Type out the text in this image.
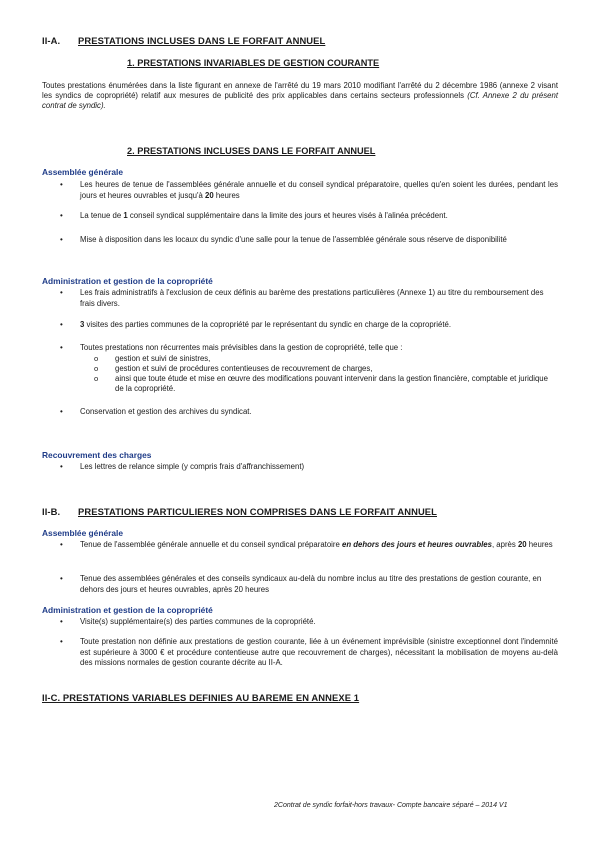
II-A. PRESTATIONS INCLUSES DANS LE FORFAIT ANNUEL
1. PRESTATIONS INVARIABLES DE GESTION COURANTE
Toutes prestations énumérées dans la liste figurant en annexe de l'arrêté du 19 mars 2010 modifiant l'arrêté du 2 décembre 1986 (annexe 2 visant les syndics de copropriété) relatif aux mesures de publicité des prix applicables dans certains secteurs professionnels (Cf. Annexe 2 du présent contrat de syndic).
2. PRESTATIONS INCLUSES DANS LE FORFAIT ANNUEL
Assemblée générale
• Les heures de tenue de l'assemblées générale annuelle et du conseil syndical préparatoire, quelles qu'en soient les durées, pendant les jours et heures ouvrables et jusqu'à 20 heures
• La tenue de 1 conseil syndical supplémentaire dans la limite des jours et heures visés à l'alinéa précédent.
• Mise à disposition dans les locaux du syndic d'une salle pour la tenue de l'assemblée générale sous réserve de disponibilité
Administration et gestion de la copropriété
• Les frais administratifs à l'exclusion de ceux définis au barème des prestations particulières (Annexe 1) au titre du remboursement des frais divers.
• 3 visites des parties communes de la copropriété par le représentant du syndic en charge de la copropriété.
• Toutes prestations non récurrentes mais prévisibles dans la gestion de copropriété, telle que :
o gestion et suivi de sinistres,
o gestion et suivi de procédures contentieuses de recouvrement de charges,
o ainsi que toute étude et mise en œuvre des modifications pouvant intervenir dans la gestion financière, comptable et juridique de la copropriété.
• Conservation et gestion des archives du syndicat.
Recouvrement des charges
• Les lettres de relance simple (y compris frais d'affranchissement)
II-B. PRESTATIONS PARTICULIERES NON COMPRISES DANS LE FORFAIT ANNUEL
Assemblée générale
• Tenue de l'assemblée générale annuelle et du conseil syndical préparatoire en dehors des jours et heures ouvrables, après 20 heures
• Tenue des assemblées générales et des conseils syndicaux au-delà du nombre inclus au titre des prestations de gestion courante, en dehors des jours et heures ouvrables, après 20 heures
Administration et gestion de la copropriété
• Visite(s) supplémentaire(s) des parties communes de la copropriété.
• Toute prestation non définie aux prestations de gestion courante, liée à un événement imprévisible (sinistre exceptionnel dont l'indemnité est supérieure à 3000 € et procédure contentieuse autre que recouvrement de charges), nécessitant la mobilisation de moyens au-delà des missions normales de gestion courante décrite au II-A.
II-C. PRESTATIONS VARIABLES DEFINIES AU BAREME EN ANNEXE 1
2Contrat de syndic forfait-hors travaux- Compte bancaire séparé – 2014 V1
